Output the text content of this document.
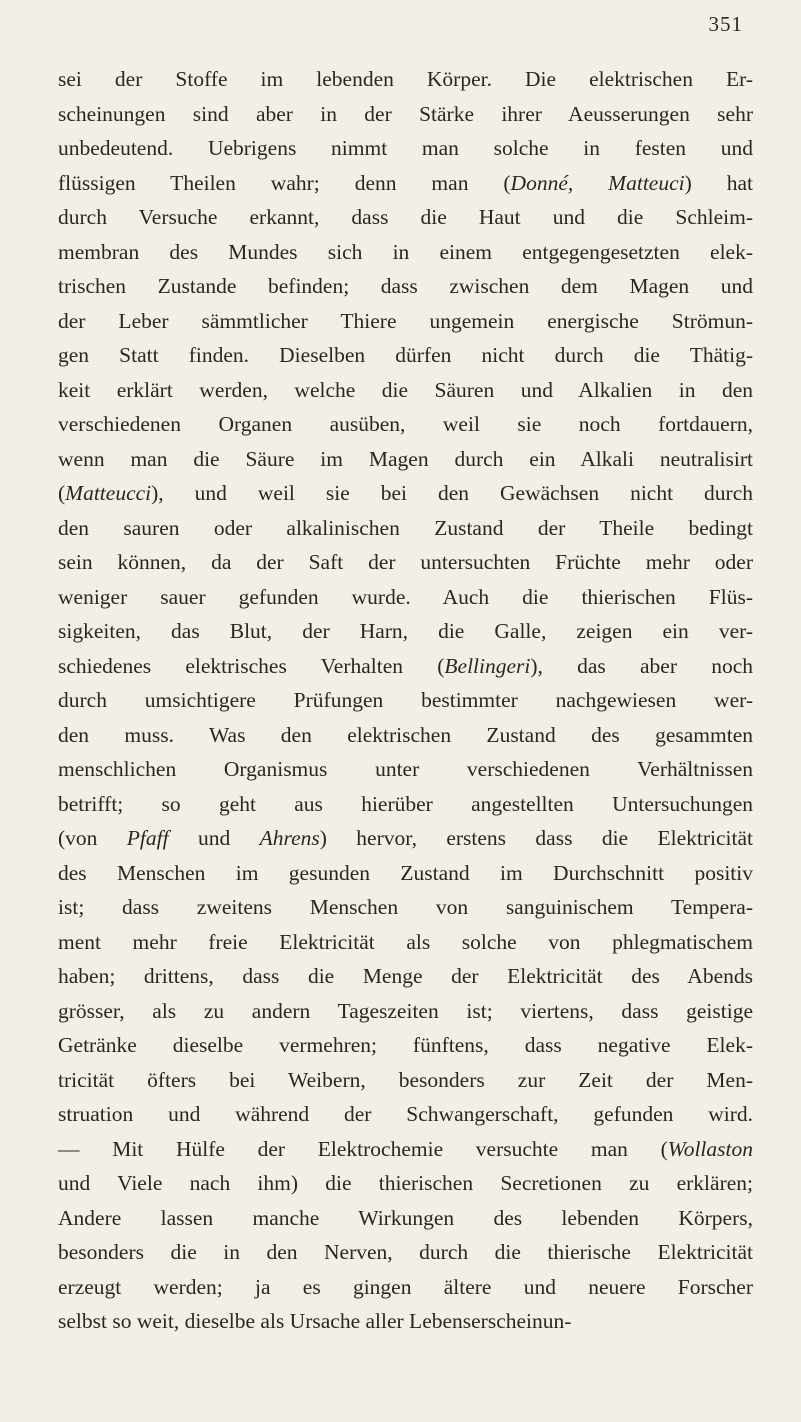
351
sei der Stoffe im lebenden Körper. Die elektrischen Er-
scheinungen sind aber in der Stärke ihrer Aeusserungen sehr
unbedeutend. Uebrigens nimmt man solche in festen und
flüssigen Theilen wahr; denn man (Donné, Matteuci) hat
durch Versuche erkannt, dass die Haut und die Schleim-
membran des Mundes sich in einem entgegengesetzten elek-
trischen Zustande befinden; dass zwischen dem Magen und
der Leber sämmtlicher Thiere ungemein energische Strömun-
gen Statt finden. Dieselben dürfen nicht durch die Thätig-
keit erklärt werden, welche die Säuren und Alkalien in den
verschiedenen Organen ausüben, weil sie noch fortdauern,
wenn man die Säure im Magen durch ein Alkali neutralisirt
(Matteucci), und weil sie bei den Gewächsen nicht durch
den sauren oder alkalinischen Zustand der Theile bedingt
sein können, da der Saft der untersuchten Früchte mehr oder
weniger sauer gefunden wurde. Auch die thierischen Flüs-
sigkeiten, das Blut, der Harn, die Galle, zeigen ein ver-
schiedenes elektrisches Verhalten (Bellingeri), das aber noch
durch umsichtigere Prüfungen bestimmter nachgewiesen wer-
den muss. Was den elektrischen Zustand des gesammten
menschlichen Organismus unter verschiedenen Verhältnissen
betrifft; so geht aus hierüber angestellten Untersuchungen
(von Pfaff und Ahrens) hervor, erstens dass die Elektricität
des Menschen im gesunden Zustand im Durchschnitt positiv
ist; dass zweitens Menschen von sanguinischem Tempera-
ment mehr freie Elektricität als solche von phlegmatischem
haben; drittens, dass die Menge der Elektricität des Abends
grösser, als zu andern Tageszeiten ist; viertens, dass geistige
Getränke dieselbe vermehren; fünftens, dass negative Elek-
tricität öfters bei Weibern, besonders zur Zeit der Men-
struation und während der Schwangerschaft, gefunden wird.
— Mit Hülfe der Elektrochemie versuchte man (Wollaston
und Viele nach ihm) die thierischen Secretionen zu erklären;
Andere lassen manche Wirkungen des lebenden Körpers,
besonders die in den Nerven, durch die thierische Elektricität
erzeugt werden; ja es gingen ältere und neuere Forscher
selbst so weit, dieselbe als Ursache aller Lebenserscheinun-
